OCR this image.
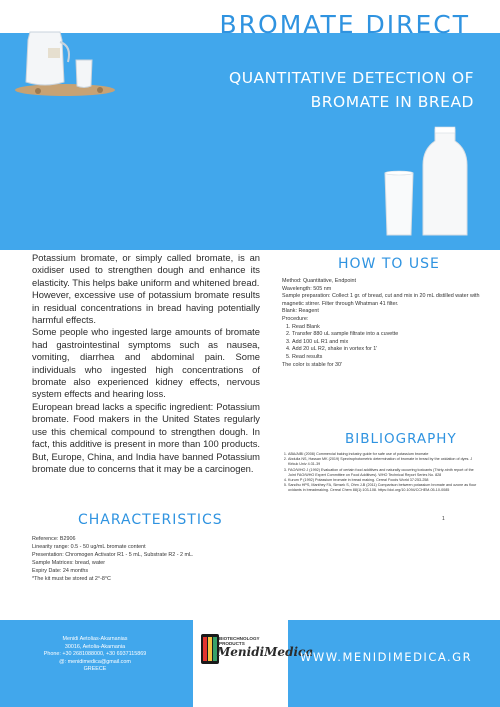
BROMATE DIRECT
QUANTITATIVE DETECTION OF
BROMATE IN BREAD

Potassium bromate, or simply called bromate, is an oxidiser used to strengthen dough and enhance its elasticity. This helps bake uniform and whitened bread.

However, excessive use of potassium bromate results in residual concentrations in bread having potentially harmful effects.

Some people who ingested large amounts of bromate had gastrointestinal symptoms such as nausea, vomiting, diarrhea and abdominal pain. Some individuals who ingested high concentrations of bromate also experienced kidney effects, nervous system effects and hearing loss.

European bread lacks a specific ingredient: Potassium bromate. Food makers in the United States regularly use this chemical compound to strengthen dough. In fact, this additive is present in more than 100 products. But, Europe, China, and India have banned Potassium bromate due to concerns that it may be a carcinogen.

HOW TO USE
Method: Quantitative, Endpoint
Wavelength: 505 nm
Sample preparation: Collect 1 gr. of bread, cut and mix in 20 mL distilled water with magnetic stirrer. Filter through Whatman 41 filter.
Blank: Reagent
Procedure:
1. Read Blank
2. Transfer 880 uL sample filtrate into a cuvette
3. Add 100 uL R1 and mix
4. Add 20 uL R2, shake in vortex for 1'
5. Read results
The color is stable for 30'
BIBLIOGRAPHY
1. ABA/AIBI (2008) Commercial baking industry guide for safe use of potassium bromate
2. Abdulla NS, Hassan MK (2019) Spectrophotometric determination of bromate in bread by the oxidation of dyes. J Kirkuk Univ 4:31-39
3. FAO/WHO J (1992) Evaluation of certain food additives and naturally occurring toxicants (Thirty-ninth report of the Joint FAO/WHO Expert Committee on Food Additives). WHO Technical Report Series No. 828
4. Kurum P (1992) Potassium bromate in bread making. Cereal Foods World 37:253-258
5. Sandhu HPS, Manthey FA, Simsek S, Ohm J-B (2011) Comparison between potassium bromate and ozone as flour oxidants in breadmaking. Cereal Chem 88(1):103-108. https://doi.org/10.1094/CCHEM-05-10-0085
1
CHARACTERISTICS
Reference: B2906
Linearity range: 0.5 - 50 ug/mL bromate content
Presentation: Chromogen Activator R1 - 5 mL, Substrate R2 - 2 mL.
Sample Matrices: bread, water
Expiry Date: 24 months
*The kit must be stored at 2°-8°C
Menidi Aetolias-Akarnanias
30016, Aetolia-Akarnania
Phone: +30 2681088000, +30 6937115869
@: menidimedica@gmail.com
GREECE
BIOTECHNOLOGY PRODUCTS
MenidiMedica
WWW.MENIDIMEDICA.GR
